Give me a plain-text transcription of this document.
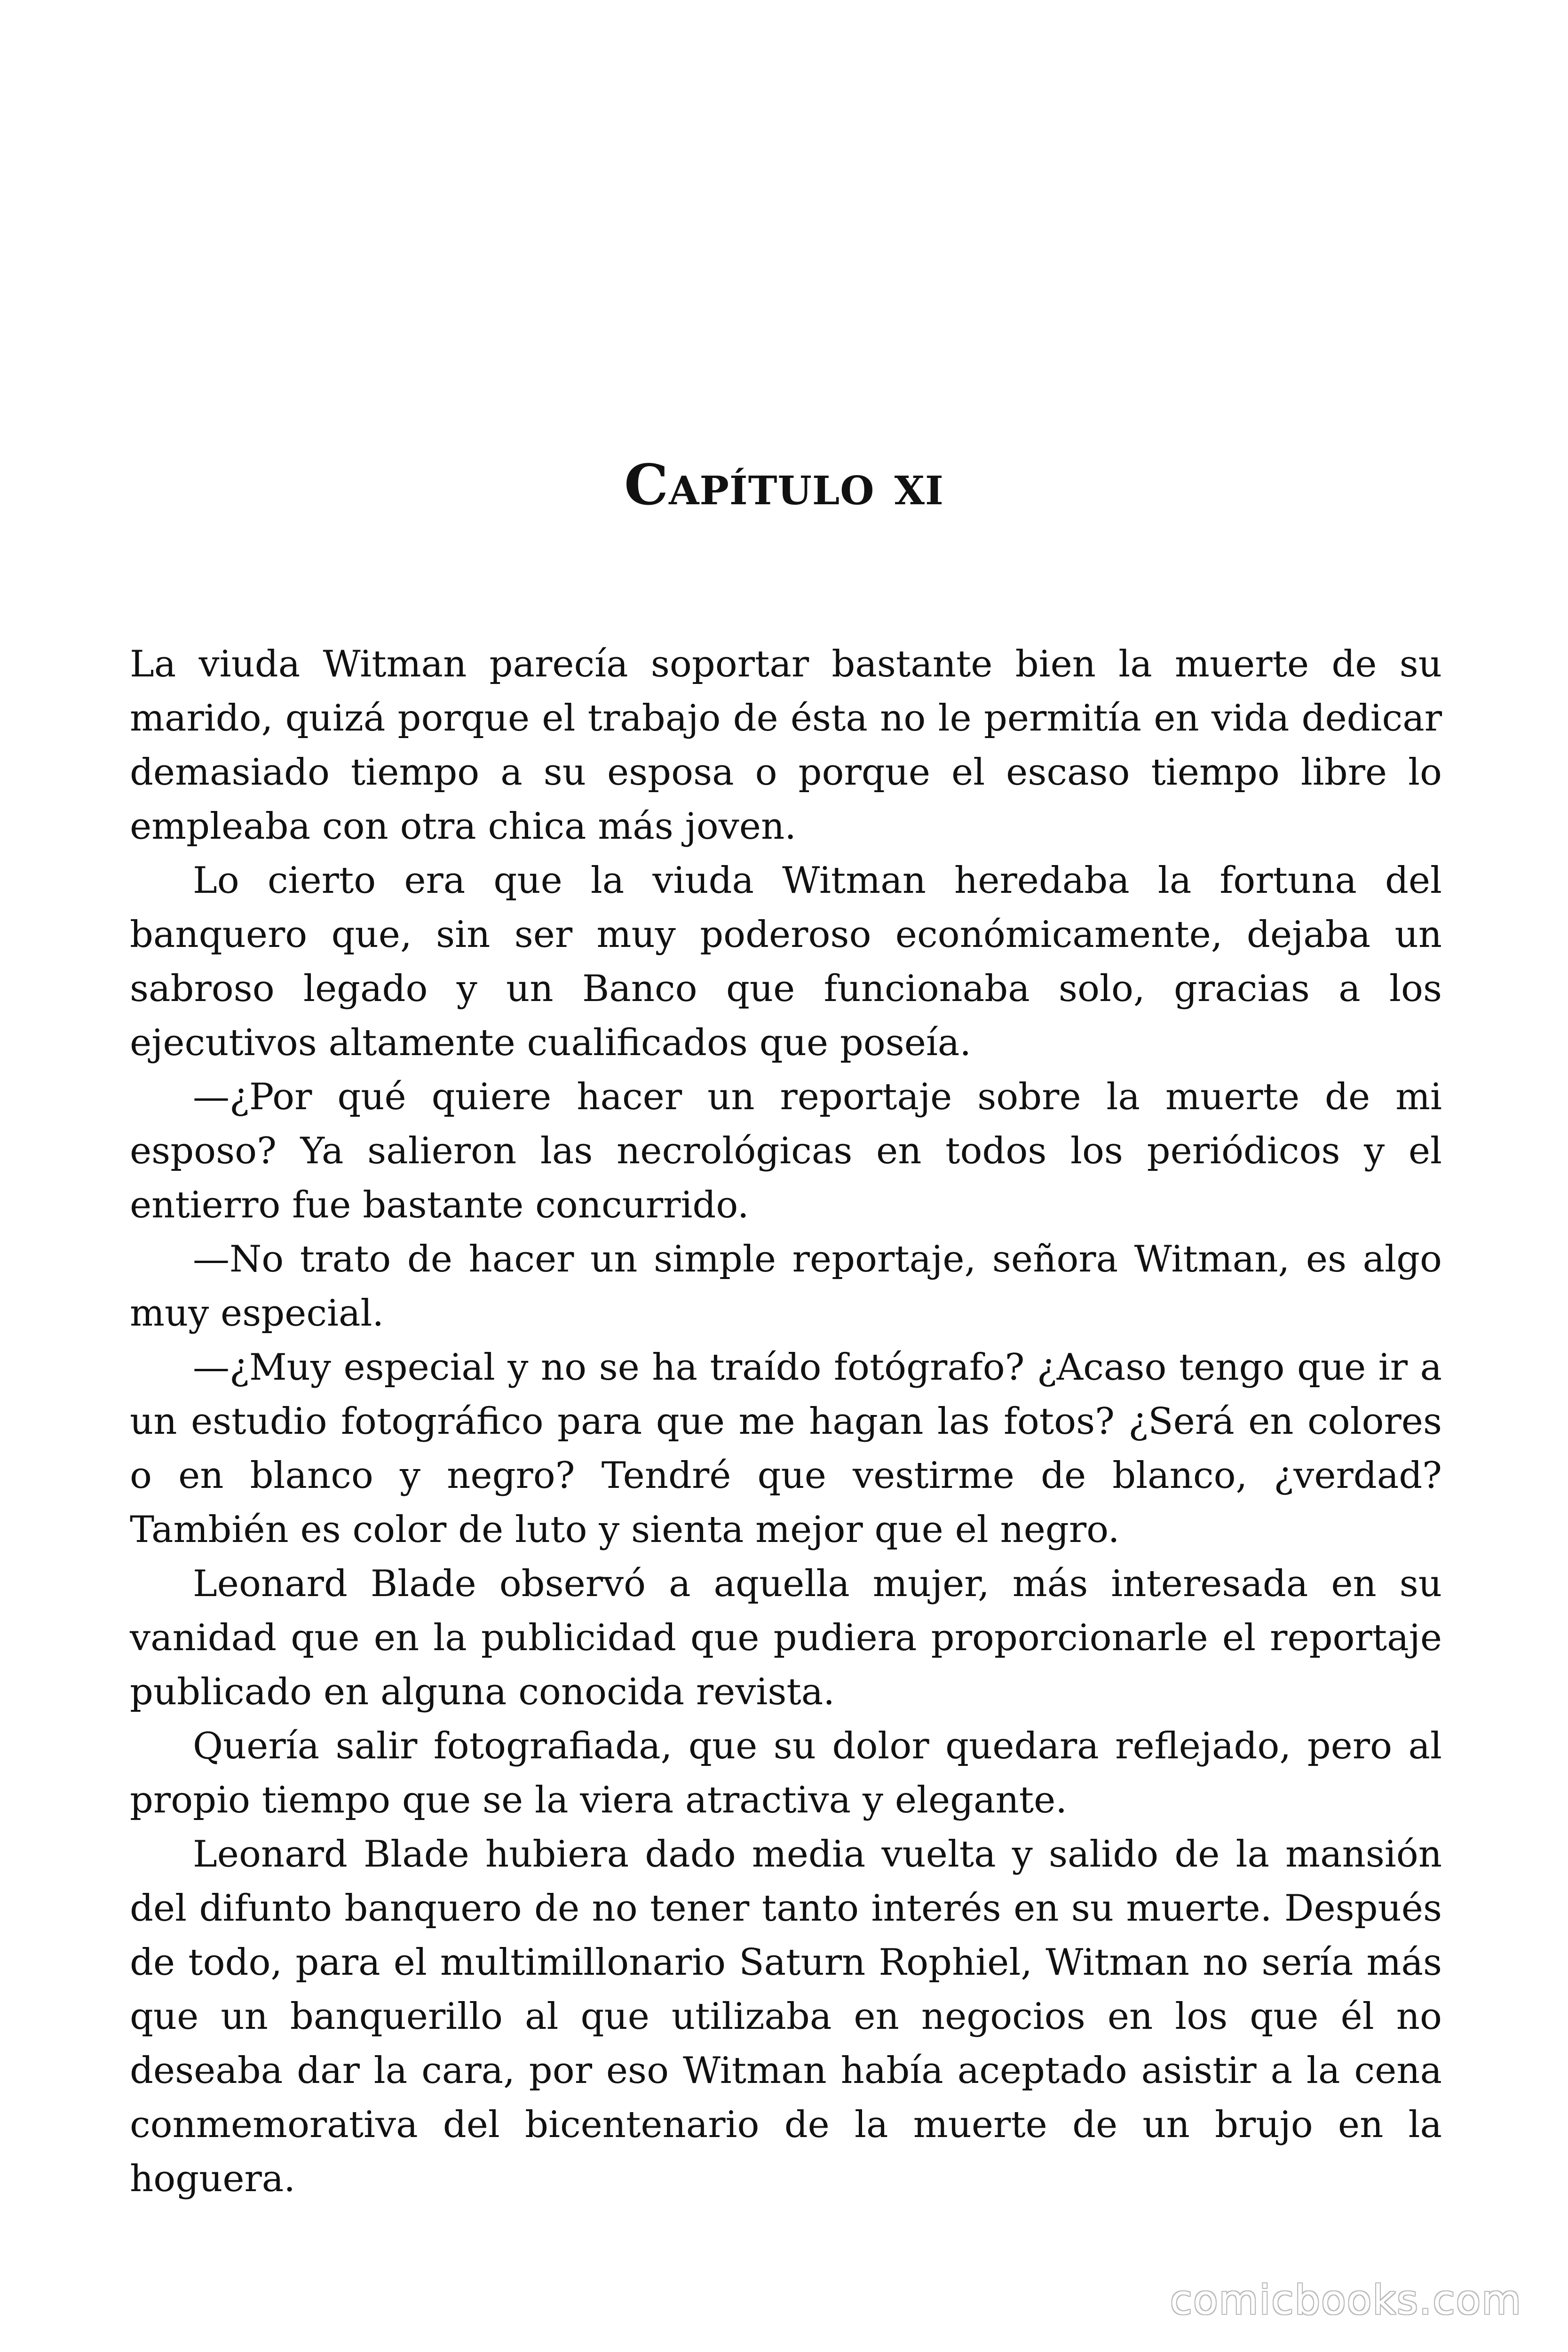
Capítulo xi

La viuda Witman parecía soportar bastante bien la muerte de su marido, quizá porque el trabajo de ésta no le permitía en vida dedicar demasiado tiempo a su esposa o porque el escaso tiempo libre lo empleaba con otra chica más joven.

Lo cierto era que la viuda Witman heredaba la fortuna del banquero que, sin ser muy poderoso económicamente, dejaba un sabroso legado y un Banco que funcionaba solo, gracias a los ejecutivos altamente cualificados que poseía.

—¿Por qué quiere hacer un reportaje sobre la muerte de mi esposo? Ya salieron las necrológicas en todos los periódicos y el entierro fue bastante concurrido.

—No trato de hacer un simple reportaje, señora Witman, es algo muy especial.

—¿Muy especial y no se ha traído fotógrafo? ¿Acaso tengo que ir a un estudio fotográfico para que me hagan las fotos? ¿Será en colores o en blanco y negro? Tendré que vestirme de blanco, ¿verdad? También es color de luto y sienta mejor que el negro.

Leonard Blade observó a aquella mujer, más interesada en su vanidad que en la publicidad que pudiera proporcionarle el reportaje publicado en alguna conocida revista.

Quería salir fotografiada, que su dolor quedara reflejado, pero al propio tiempo que se la viera atractiva y elegante.

Leonard Blade hubiera dado media vuelta y salido de la mansión del difunto banquero de no tener tanto interés en su muerte. Después de todo, para el multimillonario Saturn Rophiel, Witman no sería más que un banquerillo al que utilizaba en negocios en los que él no deseaba dar la cara, por eso Witman había aceptado asistir a la cena conmemorativa del bicentenario de la muerte de un brujo en la hoguera.

comicbooks.com
